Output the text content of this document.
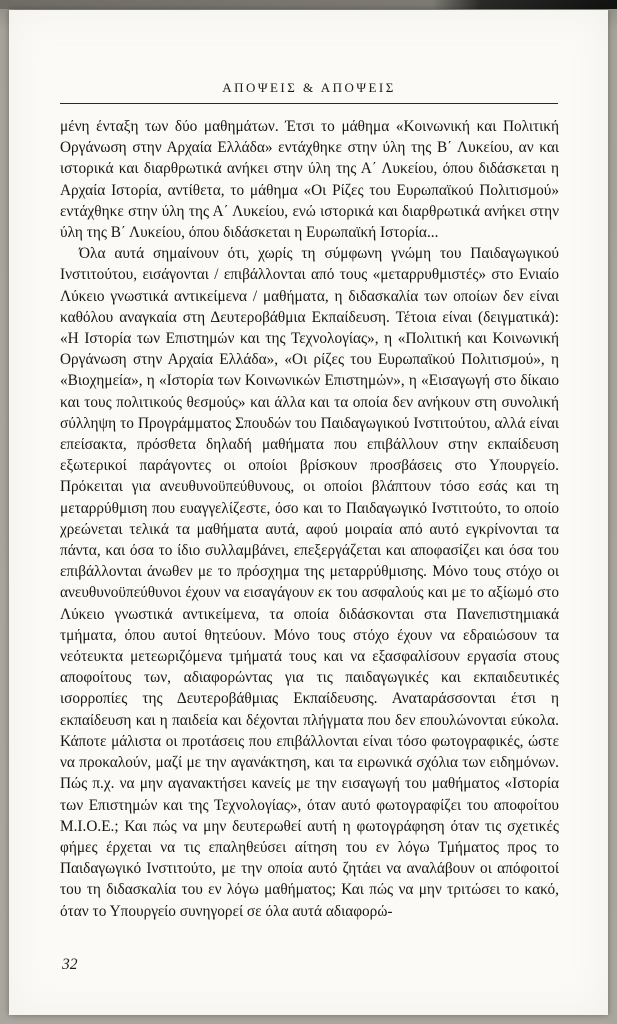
ΑΠΟΨΕΙΣ & ΑΠΟΨΕΙΣ

μένη ένταξη των δύο μαθημάτων. Έτσι το μάθημα «Κοινωνική και Πολιτική Οργάνωση στην Αρχαία Ελλάδα» εντάχθηκε στην ύλη της Β΄ Λυκείου, αν και ιστορικά και διαρθρωτικά ανήκει στην ύλη της Α΄ Λυκείου, όπου διδάσκεται η Αρχαία Ιστορία, αντίθετα, το μάθημα «Οι Ρίζες του Ευρωπαϊκού Πολιτισμού» εντάχθηκε στην ύλη της Α΄ Λυκείου, ενώ ιστορικά και διαρθρωτικά ανήκει στην ύλη της Β΄ Λυκείου, όπου διδάσκεται η Ευρωπαϊκή Ιστορία...

Όλα αυτά σημαίνουν ότι, χωρίς τη σύμφωνη γνώμη του Παιδαγωγικού Ινστιτούτου, εισάγονται / επιβάλλονται από τους «μεταρρυθμιστές» στο Ενιαίο Λύκειο γνωστικά αντικείμενα / μαθήματα, η διδασκαλία των οποίων δεν είναι καθόλου αναγκαία στη Δευτεροβάθμια Εκπαίδευση. Τέτοια είναι (δειγματικά): «Η Ιστορία των Επιστημών και της Τεχνολογίας», η «Πολιτική και Κοινωνική Οργάνωση στην Αρχαία Ελλάδα», «Οι ρίζες του Ευρωπαϊκού Πολιτισμού», η «Βιοχημεία», η «Ιστορία των Κοινωνικών Επιστημών», η «Εισαγωγή στο δίκαιο και τους πολιτικούς θεσμούς» και άλλα και τα οποία δεν ανήκουν στη συνολική σύλληψη το Προγράμματος Σπουδών του Παιδαγωγικού Ινστιτούτου, αλλά είναι επείσακτα, πρόσθετα δηλαδή μαθήματα που επιβάλλουν στην εκπαίδευση εξωτερικοί παράγοντες οι οποίοι βρίσκουν προσβάσεις στο Υπουργείο. Πρόκειται για ανευθυνοϋπεύθυνους, οι οποίοι βλάπτουν τόσο εσάς και τη μεταρρύθμιση που ευαγγελίζεστε, όσο και το Παιδαγωγικό Ινστιτούτο, το οποίο χρεώνεται τελικά τα μαθήματα αυτά, αφού μοιραία από αυτό εγκρίνονται τα πάντα, και όσα το ίδιο συλλαμβάνει, επεξεργάζεται και αποφασίζει και όσα του επιβάλλονται άνωθεν με το πρόσχημα της μεταρρύθμισης. Μόνο τους στόχο οι ανευθυνοϋπεύθυνοι έχουν να εισαγάγουν εκ του ασφαλούς και με το αξίωμό στο Λύκειο γνωστικά αντικείμενα, τα οποία διδάσκονται στα Πανεπιστημιακά τμήματα, όπου αυτοί θητεύουν. Μόνο τους στόχο έχουν να εδραιώσουν τα νεότευκτα μετεωριζόμενα τμήματά τους και να εξασφαλίσουν εργασία στους αποφοίτους των, αδιαφορώντας για τις παιδαγωγικές και εκπαιδευτικές ισορροπίες της Δευτεροβάθμιας Εκπαίδευσης. Αναταράσσονται έτσι η εκπαίδευση και η παιδεία και δέχονται πλήγματα που δεν επουλώνονται εύκολα. Κάποτε μάλιστα οι προτάσεις που επιβάλλονται είναι τόσο φωτογραφικές, ώστε να προκαλούν, μαζί με την αγανάκτηση, και τα ειρωνικά σχόλια των ειδημόνων. Πώς π.χ. να μην αγανακτήσει κανείς με την εισαγωγή του μαθήματος «Ιστορία των Επιστημών και της Τεχνολογίας», όταν αυτό φωτογραφίζει του αποφοίτου Μ.Ι.Ο.Ε.; Και πώς να μην δευτερωθεί αυτή η φωτογράφηση όταν τις σχετικές φήμες έρχεται να τις επαληθεύσει αίτηση του εν λόγω Τμήματος προς το Παιδαγωγικό Ινστιτούτο, με την οποία αυτό ζητάει να αναλάβουν οι απόφοιτοί του τη διδασκαλία του εν λόγω μαθήματος; Και πώς να μην τριτώσει το κακό, όταν το Υπουργείο συνηγορεί σε όλα αυτά αδιαφορώ-

32
